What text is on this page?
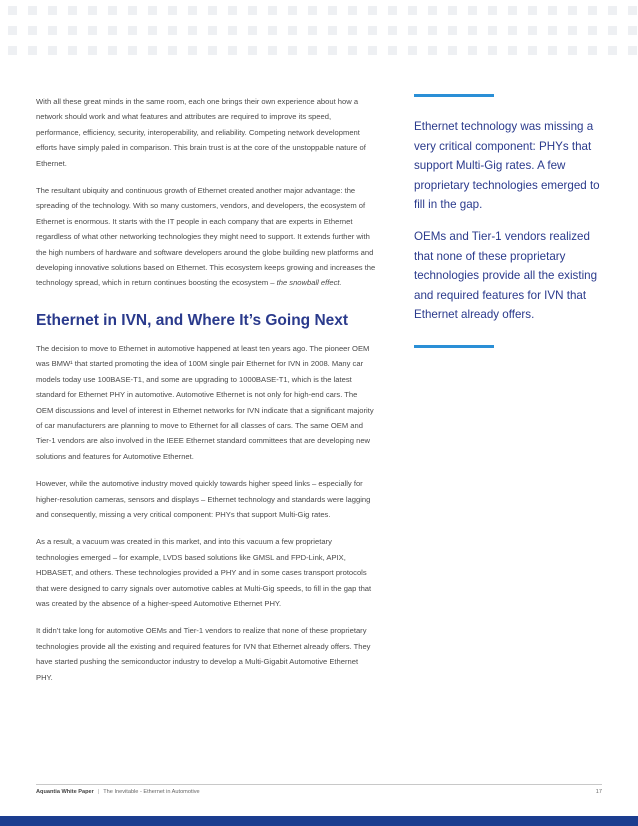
With all these great minds in the same room, each one brings their own experience about how a network should work and what features and attributes are required to improve its speed, performance, efficiency, security, interoperability, and reliability. Competing network development efforts have simply paled in comparison. This brain trust is at the core of the unstoppable nature of Ethernet.

The resultant ubiquity and continuous growth of Ethernet created another major advantage: the spreading of the technology. With so many customers, vendors, and developers, the ecosystem of Ethernet is enormous. It starts with the IT people in each company that are experts in Ethernet regardless of what other networking technologies they might need to support. It extends further with the high numbers of hardware and software developers around the globe building new platforms and developing innovative solutions based on Ethernet. This ecosystem keeps growing and increases the technology spread, which in return continues boosting the ecosystem – the snowball effect.

Ethernet in IVN, and Where It’s Going Next

The decision to move to Ethernet in automotive happened at least ten years ago. The pioneer OEM was BMW¹ that started promoting the idea of 100M single pair Ethernet for IVN in 2008. Many car models today use 100BASE-T1, and some are upgrading to 1000BASE-T1, which is the latest standard for Ethernet PHY in automotive. Automotive Ethernet is not only for high-end cars. The OEM discussions and level of interest in Ethernet networks for IVN indicate that a significant majority of car manufacturers are planning to move to Ethernet for all classes of cars. The same OEM and Tier-1 vendors are also involved in the IEEE Ethernet standard committees that are developing new solutions and features for Automotive Ethernet.

However, while the automotive industry moved quickly towards higher speed links – especially for higher-resolution cameras, sensors and displays – Ethernet technology and standards were lagging and consequently, missing a very critical component: PHYs that support Multi-Gig rates.

As a result, a vacuum was created in this market, and into this vacuum a few proprietary technologies emerged – for example, LVDS based solutions like GMSL and FPD-Link, APIX, HDBASET, and others. These technologies provided a PHY and in some cases transport protocols that were designed to carry signals over automotive cables at Multi-Gig speeds, to fill in the gap that was created by the absence of a higher-speed Automotive Ethernet PHY.

It didn’t take long for automotive OEMs and Tier-1 vendors to realize that none of these proprietary technologies provide all the existing and required features for IVN that Ethernet already offers. They have started pushing the semiconductor industry to develop a Multi-Gigabit Automotive Ethernet PHY.

Ethernet technology was missing a very critical component: PHYs that support Multi-Gig rates. A few proprietary technologies emerged to fill in the gap.

OEMs and Tier-1 vendors realized that none of these proprietary technologies provide all the existing and required features for IVN that Ethernet already offers.

Aquantia White Paper | The Inevitable - Ethernet in Automotive	17
